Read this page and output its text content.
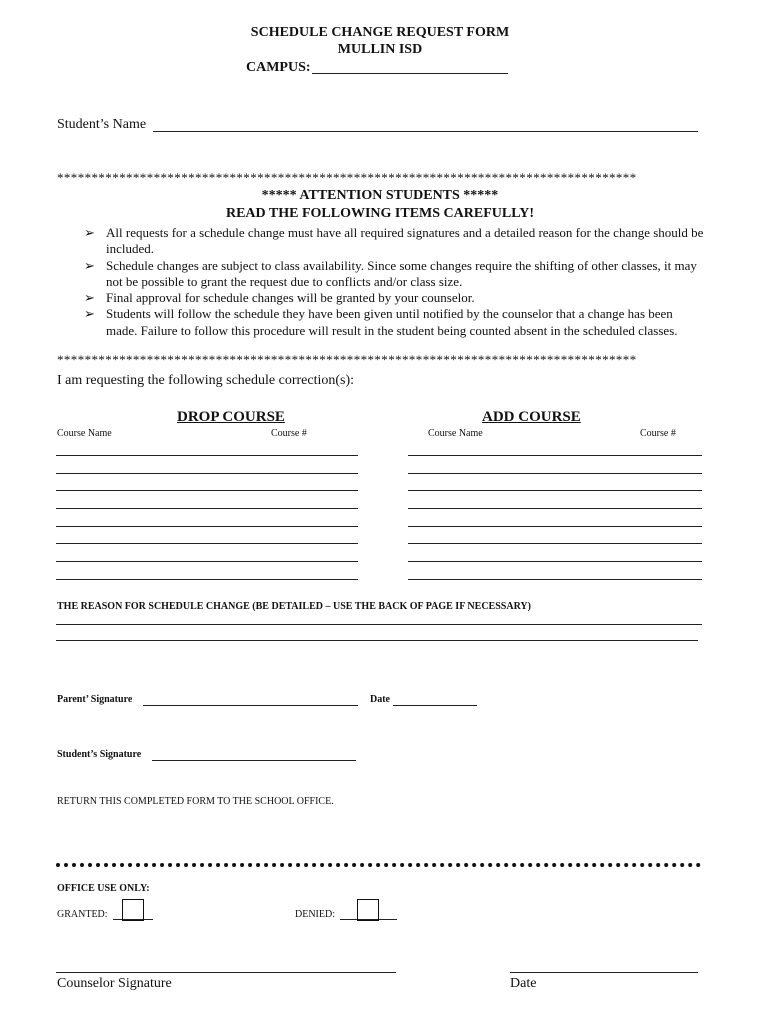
SCHEDULE CHANGE REQUEST FORM
MULLIN ISD
CAMPUS:
Student’s Name
************************************************************************************
***** ATTENTION STUDENTS *****
READ THE FOLLOWING ITEMS CAREFULLY!
➢ All requests for a schedule change must have all required signatures and a detailed reason for the change should be included.
➢ Schedule changes are subject to class availability. Since some changes require the shifting of other classes, it may not be possible to grant the request due to conflicts and/or class size.
➢ Final approval for schedule changes will be granted by your counselor.
➢ Students will follow the schedule they have been given until notified by the counselor that a change has been made. Failure to follow this procedure will result in the student being counted absent in the scheduled classes.
************************************************************************************
I am requesting the following schedule correction(s):
DROP COURSE
Course Name	Course #
ADD COURSE
Course Name	Course #
THE REASON FOR SCHEDULE CHANGE (BE DETAILED – USE THE BACK OF PAGE IF NECESSARY)
Parent’ Signature	Date
Student’s Signature
RETURN THIS COMPLETED FORM TO THE SCHOOL OFFICE.
OFFICE USE ONLY:
GRANTED:	DENIED:
Counselor Signature	Date
